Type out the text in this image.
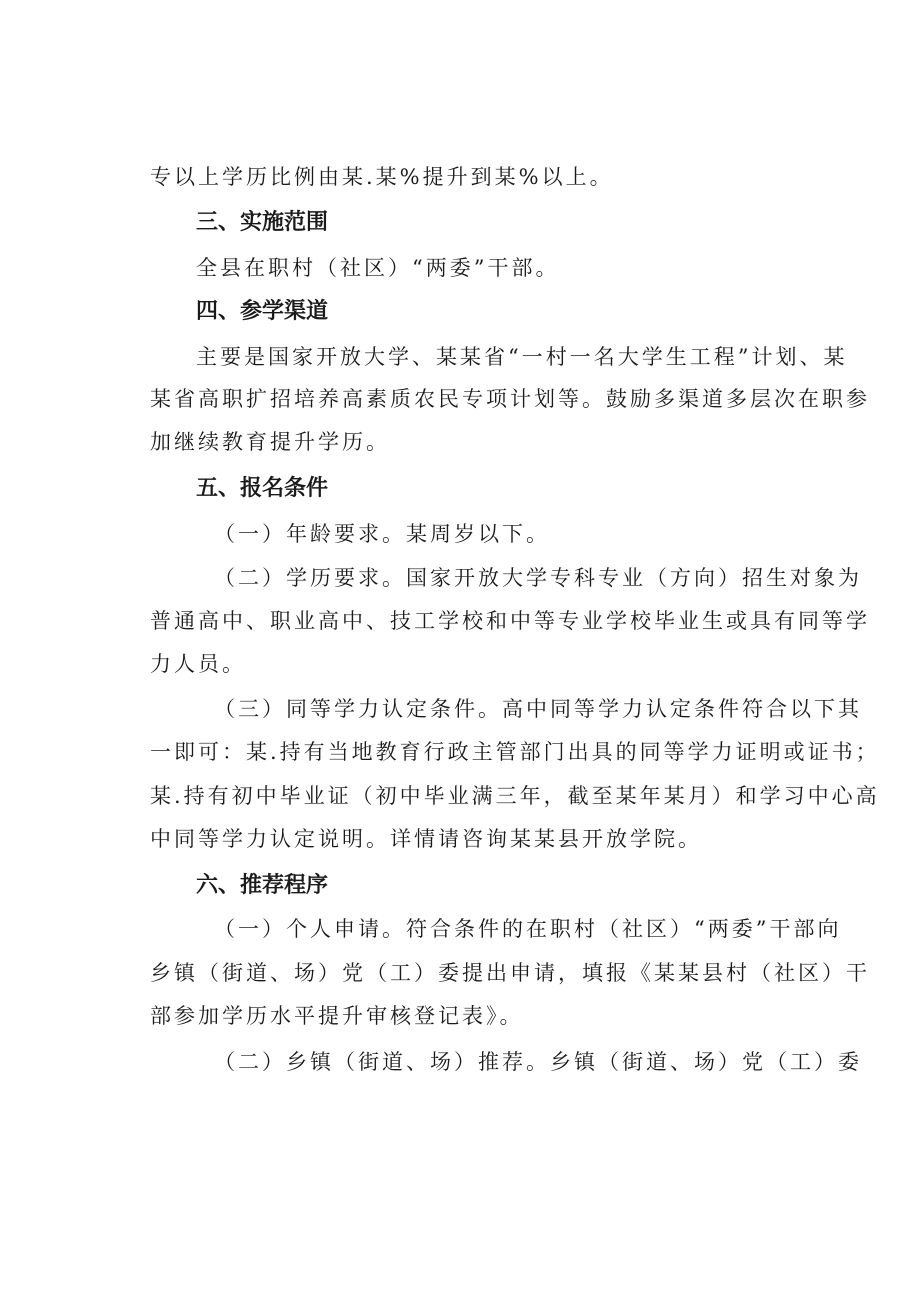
专以上学历比例由某.某%提升到某%以上。
三、实施范围
全县在职村（社区）“两委”干部。
四、参学渠道
主要是国家开放大学、某某省“一村一名大学生工程”计划、某
某省高职扩招培养高素质农民专项计划等。鼓励多渠道多层次在职参
加继续教育提升学历。
五、报名条件
（一）年龄要求。某周岁以下。
（二）学历要求。国家开放大学专科专业（方向）招生对象为
普通高中、职业高中、技工学校和中等专业学校毕业生或具有同等学
力人员。
（三）同等学力认定条件。高中同等学力认定条件符合以下其
一即可：某.持有当地教育行政主管部门出具的同等学力证明或证书；
某.持有初中毕业证（初中毕业满三年，截至某年某月）和学习中心高
中同等学力认定说明。详情请咨询某某县开放学院。
六、推荐程序
（一）个人申请。符合条件的在职村（社区）“两委”干部向
乡镇（街道、场）党（工）委提出申请，填报《某某县村（社区）干
部参加学历水平提升审核登记表》。
（二）乡镇（街道、场）推荐。乡镇（街道、场）党（工）委
